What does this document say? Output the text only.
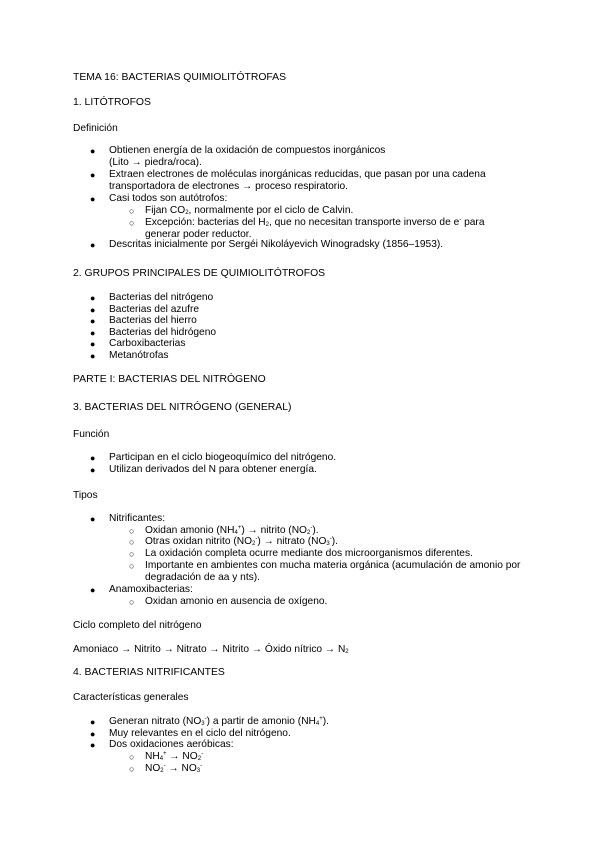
TEMA 16: BACTERIAS QUIMIOLITÓTROFAS
1. LITÓTROFOS
Definición
● Obtienen energía de la oxidación de compuestos inorgánicos
(Lito → piedra/roca).
● Extraen electrones de moléculas inorgánicas reducidas, que pasan por una cadena
transportadora de electrones → proceso respiratorio.
● Casi todos son autótrofos:
○ Fijan $CO_2$, normalmente por el ciclo de Calvin.
○ Excepción: bacterias del $H_2$, que no necesitan transporte inverso de e- para
generar poder reductor.
● Descritas inicialmente por Sergéi Nikoláyevich Winogradsky (1856–1953).
2. GRUPOS PRINCIPALES DE QUIMIOLITÓTROFOS
● Bacterias del nitrógeno
● Bacterias del azufre
● Bacterias del hierro
● Bacterias del hidrógeno
● Carboxibacterias
● Metanótrofas
PARTE I: BACTERIAS DEL NITRÓGENO
3. BACTERIAS DEL NITRÓGENO (GENERAL)
Función
● Participan en el ciclo biogeoquímico del nitrógeno.
● Utilizan derivados del N para obtener energía.
Tipos
● Nitrificantes:
○ Oxidan amonio $(NH_4^+)$ → nitrito $(NO_2^-)$.
○ Otras oxidan nitrito $(NO_2^-)$ → nitrato $(NO_3^-)$.
○ La oxidación completa ocurre mediante dos microorganismos diferentes.
○ Importante en ambientes con mucha materia orgánica (acumulación de amonio por
degradación de aa y nts).
● Anamoxibacterias:
○ Oxidan amonio en ausencia de oxígeno.
Ciclo completo del nitrógeno
Amoniaco → Nitrito → Nitrato → Nitrito → Óxido nítrico → $N_2$
4. BACTERIAS NITRIFICANTES
Características generales
● Generan nitrato $(NO_3^-)$ a partir de amonio $(NH_4^+)$.
● Muy relevantes en el ciclo del nitrógeno.
● Dos oxidaciones aeróbicas:
○ $NH_4^+ \to NO_2^-$
○ $NO_2^- \to NO_3^-$
